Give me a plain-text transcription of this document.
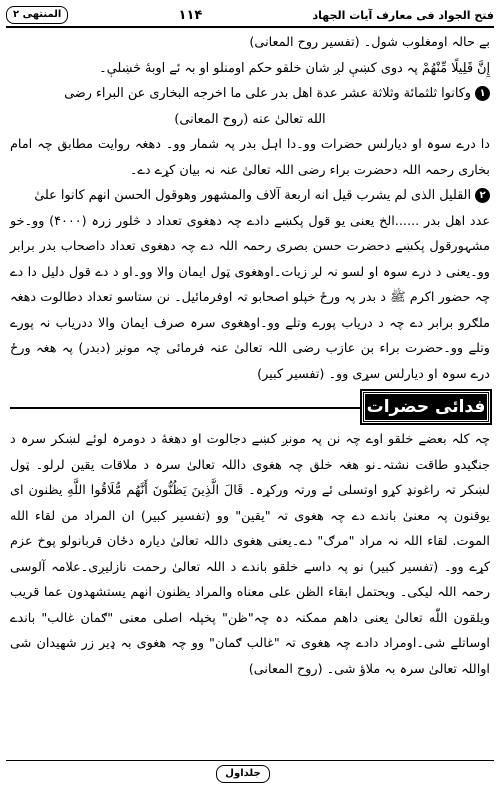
المنتهى ٢	۱۱۴	فتح الجواد فی معارف آیات الجهاد

بے حالہ اومغلوب شول۔ (تفسیر روح المعانی)

إِنَّ قَلِيلًا مِّنْهُمْ پہ دوی کښې لږ شان خلقو حکم اومنلو او بہ ئے اوبۀ څښلې۔

١وكانوا ثلثمائة وثلاثة عشر عدة اهل بدر على ما اخرجه البخارى عن البراء رضى

الله تعالىٰ عنه (روح المعانى)

دا درے سوہ او دیارلس حضرات وو۔دا اہل بدر پہ شمار وو۔ دهغہ روایت مطابق چہ امام بخاری رحمہ اللہ دحضرت براء رضی اللہ تعالیٰ عنہ نہ بیان کړے دے۔

٢القليل الذى لم يشرب قيل انه اربعة آلاف والمشهور وهوقول الحسن انهم كانوا علىٰ

عدد اهل بدر ......الخ یعنی یو قول پکښے دادے چہ دهغوی تعداد د څلور زرہ (۴۰۰۰) وو۔خو مشہورقول پکښے دحضرت حسن بصری رحمہ اللہ دے چہ دهغوی تعداد داصحاب بدر برابر وو۔یعنی د درے سوہ او لسو نہ لږ زیات۔اوهغوی ټول ایمان والا وو۔او د دے قول دلیل دا دے چہ حضور اکرم ﷺ د بدر پہ ورځ خپلو اصحابو تہ اوفرمائیل۔ نن ستاسو تعداد دطالوت دهغہ ملګرو برابر دے چہ د دریاب پورے وتلے وو۔اوهغوی سرہ صرف ایمان والا ددریاب نہ پورے وتلے وو۔حضرت براء بن عازب رضی اللہ تعالیٰ عنہ فرمائی چہ مونږ (دبدر) پہ هغہ ورځ درے سوہ او دیارلس سړی وو۔ (تفسیر کبیر)

فدائی حضرات

چہ کلہ بعضے خلقو اوے چہ نن پہ مونږ کښے دجالوت او دهغۀ د دومرہ لوئے لښکر سرہ د جنګیدو طاقت نشتہ۔نو هغہ خلق چہ هغوی داللہ تعالیٰ سرہ د ملاقات یقین لرلو۔ ټول لښکر تہ راغونډ کړو اوتسلی ئے ورتہ ورکړہ۔ قَالَ الَّذِينَ يَظُنُّونَ أَنَّهُم مُّلَاقُوا اللَّهِ يظنون ای يوقنون پہ معنیٰ باندے دے چہ هغوی تہ "یقین" وو (تفسیر کبیر) ان المراد من لقاء الله الموت. لقاء اللہ نہ مراد "مرګ" دے۔یعنی هغوی داللہ تعالیٰ دیارہ دځان قربانولو پوخ عزم کړے وو۔ (تفسیر کبیر) نو پہ داسے خلقو باندے د اللہ تعالیٰ رحمت نازلیږی۔علامہ آلوسی رحمہ اللہ لیکی۔ ويحتمل ابقاء الظن على معناه والمراد يظنون انهم يستشهدون عما قريب ويلقون اللّٰه تعالىٰ یعنی داهم ممکنہ دہ چہ"ظن" پخپلہ اصلی معنی "ګمان غالب" باندے اوساتلے شی۔اومراد دادے چہ هغوی تہ "غالب ګمان" وو چہ هغوی بہ ډیر زر شهیدان شی اواللہ تعالیٰ سرہ بہ ملاؤ شی۔ (روح المعانی)

جلداول
